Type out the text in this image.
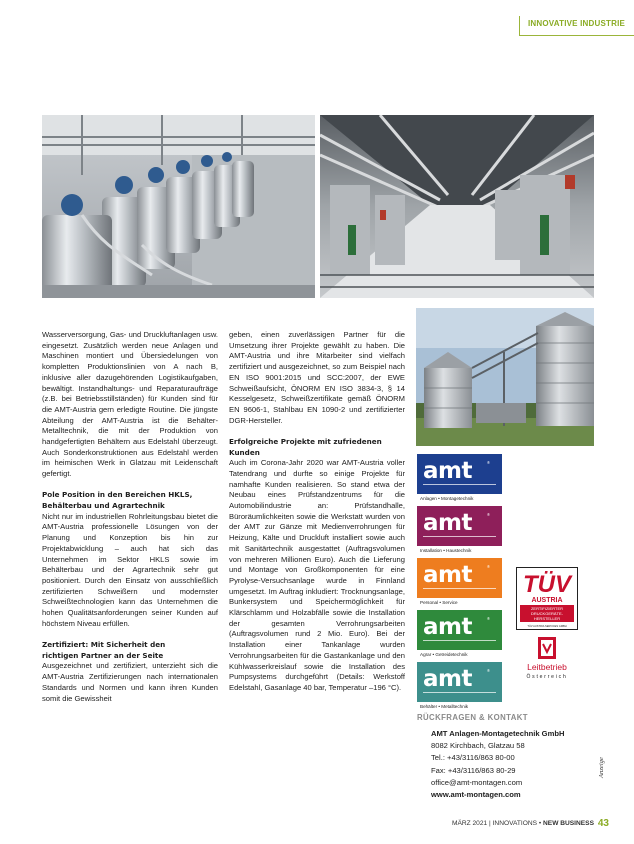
INNOVATIVE INDUSTRIE

Wasserversorgung, Gas- und Druckluftanlagen usw. eingesetzt. Zusätzlich werden neue Anlagen und Maschinen montiert und Übersiedelungen von kompletten Produktionslinien von A nach B, inklusive aller dazugehörenden Logistikaufgaben, bewältigt. Instandhaltungs- und Reparaturaufträge (z.B. bei Betriebsstillständen) für Kunden sind für die AMT-Austria gern erledigte Routine. Die jüngste Abteilung der AMT-Austria ist die Behälter-Metalltechnik, die mit der Produktion von handgefertigten Behältern aus Edelstahl überzeugt. Auch Sonderkonstruktionen aus Edelstahl werden im heimischen Werk in Glatzau mit Leidenschaft gefertigt.

Pole Position in den Bereichen HKLS,
Behälterbau und Agrartechnik

Nicht nur im industriellen Rohrleitungsbau bietet die AMT-Austria professionelle Lösungen von der Planung und Konzeption bis hin zur Projektabwicklung – auch hat sich das Unternehmen im Sektor HKLS sowie im Behälterbau und der Agrartechnik sehr gut positioniert. Durch den Einsatz von ausschließlich zertifizierten Schweißern und modernster Schweißtechnologien kann das Unternehmen die hohen Qualitätsanforderungen seiner Kunden auf höchstem Niveau erfüllen.

Zertifiziert: Mit Sicherheit den
richtigen Partner an der Seite

Ausgezeichnet und zertifiziert, unterzieht sich die AMT-Austria Zertifizierungen nach internationalen Standards und Normen und kann ihren Kunden somit die Gewissheit

geben, einen zuverlässigen Partner für die Umsetzung ihrer Projekte gewählt zu haben. Die AMT-Austria und ihre Mitarbeiter sind vielfach zertifiziert und ausgezeichnet, so zum Beispiel nach EN ISO 9001:2015 und SCC:2007, der EWE Schweißaufsicht, ÖNORM EN ISO 3834-3, § 14 Kesselgesetz, Schweißzertifikate gemäß ÖNORM EN 9606-1, Stahlbau EN 1090-2 und zertifizierter DGR-Hersteller.

Erfolgreiche Projekte mit zufriedenen
Kunden

Auch im Corona-Jahr 2020 war AMT-Austria voller Tatendrang und durfte so einige Projekte für namhafte Kunden realisieren. So stand etwa der Neubau eines Prüfstandzentrums für die Automobilindustrie an: Prüfstandhalle, Büroräumlichkeiten sowie die Werkstatt wurden von der AMT zur Gänze mit Medienverrohrungen für Heizung, Kälte und Druckluft installiert sowie auch mit Sanitärtechnik ausgestattet (Auftragsvolumen von mehreren Millionen Euro). Auch die Lieferung und Montage von Großkomponenten für eine Pyrolyse-Versuchsanlage wurde in Finnland umgesetzt. Im Auftrag inkludiert: Trocknungsanlage, Bunkersystem und Speichermöglichkeit für Klärschlamm und Holzabfälle sowie die Installation der gesamten Verrohrungsarbeiten (Auftragsvolumen rund 2 Mio. Euro). Bei der Installation einer Tankanlage wurden Verrohrungsarbeiten für die Gastankanlage und den Kühlwasserkreislauf sowie die Installation des Pumpsystems durchgeführt (Details: Werkstoff Edelstahl, Gasanlage 40 bar, Temperatur –196 °C).

amt	®
Anlagen • Montagetechnik
amt	®
Installation • Haustechnik
amt	®
Personal • Service
amt	®
Agrar • Getreidetechnik
amt	®
Behälter • Metalltechnik
TÜV
AUSTRIA
ZERTIFIZIERTER
DRUCKGERÄTE-
HERSTELLER
TÜV AUSTRIA SERVICES GMBH
Leitbetrieb
Österreich
RÜCKFRAGEN & KONTAKT
AMT Anlagen-Montagetechnik GmbH
8082 Kirchbach, Glatzau 58
Tel.: +43/3116/863 80-00
Fax: +43/3116/863 80-29
office@amt-montagen.com
www.amt-montagen.com
Anzeige
MÄRZ 2021 | INNOVATIONS • NEW BUSINESS 43
